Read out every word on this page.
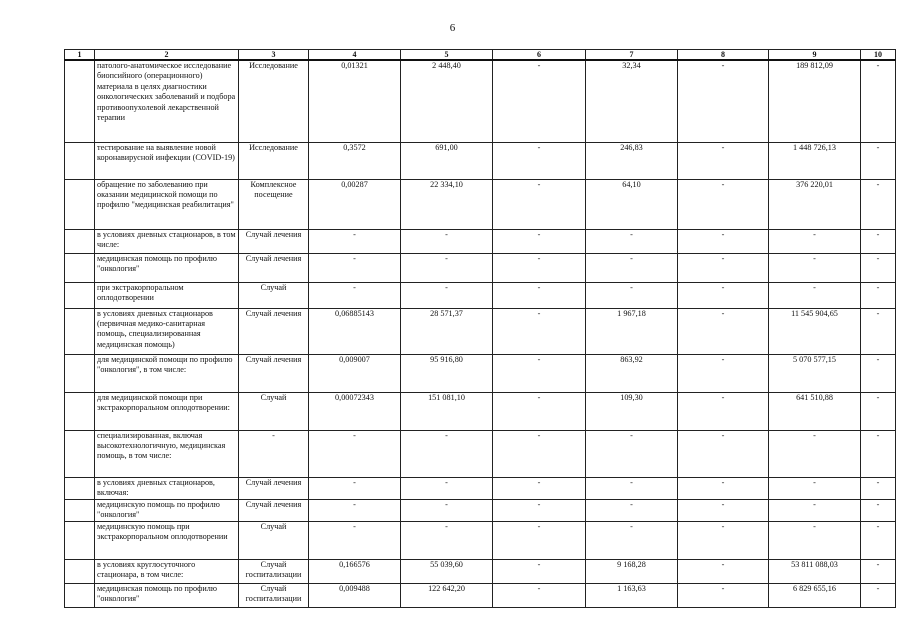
6
1	2	3	4	5	6	7	8	9	10
	патолого-анатомическое исследование биопсийного (операционного) материала в целях диагностики онкологических заболеваний и подбора противоопухолевой лекарственной терапии	Исследование	0,01321	2 448,40	-	32,34	-	189 812,09	-
	тестирование на выявление новой коронавирусной инфекции (COVID-19)	Исследование	0,3572	691,00	-	246,83	-	1 448 726,13	-
	обращение по заболеванию при оказании медицинской помощи по профилю "медицинская реабилитация"	Комплексное посещение	0,00287	22 334,10	-	64,10	-	376 220,01	-
	в условиях дневных стационаров, в том числе:	Случай лечения	-	-	-	-	-	-	-
	медицинская помощь по профилю "онкология"	Случай лечения	-	-	-	-	-	-	-
	при экстракорпоральном оплодотворении	Случай	-	-	-	-	-	-	-
	в условиях дневных стационаров (первичная медико-санитарная помощь, специализированная медицинская помощь)	Случай лечения	0,06885143	28 571,37	-	1 967,18	-	11 545 904,65	-
	для медицинской помощи по профилю "онкология", в том числе:	Случай лечения	0,009007	95 916,80	-	863,92	-	5 070 577,15	-
	для медицинской помощи при экстракорпоральном оплодотворении:	Случай	0,00072343	151 081,10	-	109,30	-	641 510,88	-
	специализированная, включая высокотехнологичную, медицинская помощь, в том числе:	-	-	-	-	-	-	-	-
	в условиях дневных стационаров, включая:	Случай лечения	-	-	-	-	-	-	-
	медицинскую помощь по профилю "онкология"	Случай лечения	-	-	-	-	-	-	-
	медицинскую помощь при экстракорпоральном оплодотворении	Случай	-	-	-	-	-	-	-
	в условиях круглосуточного стационара, в том числе:	Случай госпитализации	0,166576	55 039,60	-	9 168,28	-	53 811 088,03	-
	медицинская помощь по профилю "онкология"	Случай госпитализации	0,009488	122 642,20	-	1 163,63	-	6 829 655,16	-
